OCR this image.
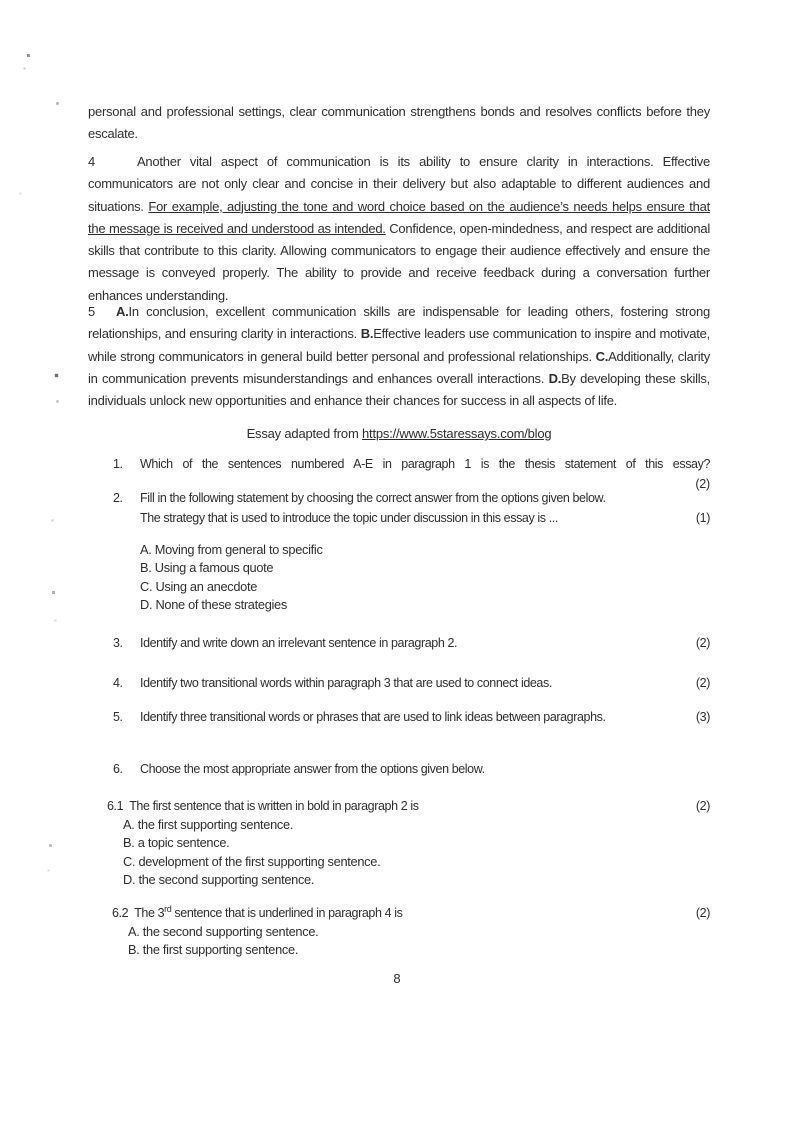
personal and professional settings, clear communication strengthens bonds and resolves conflicts before they escalate.
4	Another vital aspect of communication is its ability to ensure clarity in interactions. Effective communicators are not only clear and concise in their delivery but also adaptable to different audiences and situations. For example, adjusting the tone and word choice based on the audience’s needs helps ensure that the message is received and understood as intended. Confidence, open-mindedness, and respect are additional skills that contribute to this clarity. Allowing communicators to engage their audience effectively and ensure the message is conveyed properly. The ability to provide and receive feedback during a conversation further enhances understanding.
5 A.In conclusion, excellent communication skills are indispensable for leading others, fostering strong relationships, and ensuring clarity in interactions. B.Effective leaders use communication to inspire and motivate, while strong communicators in general build better personal and professional relationships. C.Additionally, clarity in communication prevents misunderstandings and enhances overall interactions. D.By developing these skills, individuals unlock new opportunities and enhance their chances for success in all aspects of life.
Essay adapted from https://www.5staressays.com/blog
1.	Which of the sentences numbered A-E in paragraph 1 is the thesis statement of this essay?
(2)
2.	Fill in the following statement by choosing the correct answer from the options given below.
The strategy that is used to introduce the topic under discussion in this essay is ...	(1)
A. Moving from general to specific
B. Using a famous quote
C. Using an anecdote
D. None of these strategies
3.	Identify and write down an irrelevant sentence in paragraph 2.	(2)
4.	Identify two transitional words within paragraph 3 that are used to connect ideas.	(2)
5.	Identify three transitional words or phrases that are used to link ideas between paragraphs.	(3)
6.	Choose the most appropriate answer from the options given below.
6.1 The first sentence that is written in bold in paragraph 2 is	(2)
A. the first supporting sentence.
B. a topic sentence.
C. development of the first supporting sentence.
D. the second supporting sentence.
6.2 The 3rd sentence that is underlined in paragraph 4 is	(2)
A. the second supporting sentence.
B. the first supporting sentence.
8
